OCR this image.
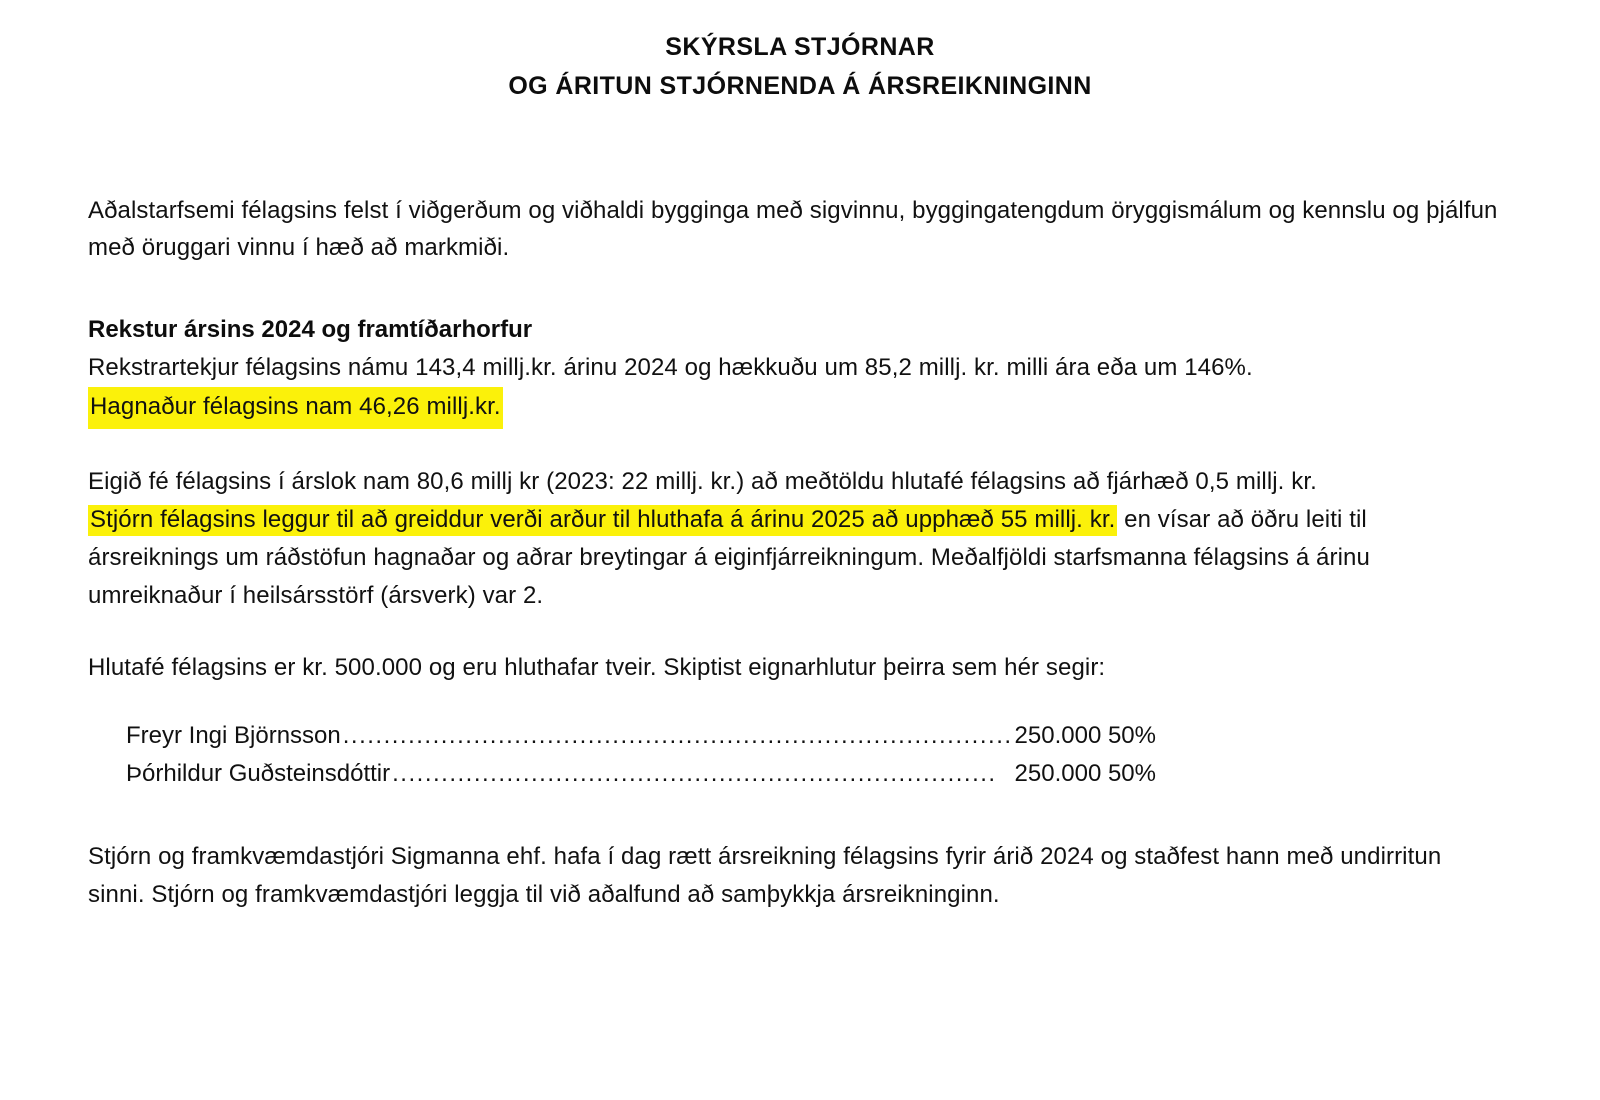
SKÝRSLA STJÓRNAR
OG ÁRITUN STJÓRNENDA Á ÁRSREIKNINGINN

Aðalstarfsemi félagsins felst í viðgerðum og viðhaldi bygginga með sigvinnu, byggingatengdum öryggismálum og kennslu og þjálfun með öruggari vinnu í hæð að markmiði.

Rekstur ársins 2024 og framtíðarhorfur

Rekstrartekjur félagsins námu 143,4 millj.kr. árinu 2024 og hækkuðu um 85,2 millj. kr. milli ára eða um 146%.

Hagnaður félagsins nam 46,26 millj.kr.

Eigið fé félagsins í árslok nam 80,6 millj kr (2023: 22 millj. kr.) að meðtöldu hlutafé félagsins að fjárhæð 0,5 millj. kr.

Stjórn félagsins leggur til að greiddur verði arður til hluthafa á árinu 2025 að upphæð 55 millj. kr. en vísar að öðru leiti til ársreiknings um ráðstöfun hagnaðar og aðrar breytingar á eiginfjárreikningum. Meðalfjöldi starfsmanna félagsins á árinu umreiknaður í heilsársstörf (ársverk) var 2.

Hlutafé félagsins er kr. 500.000 og eru hluthafar tveir. Skiptist eignarhlutur þeirra sem hér segir:

Freyr Ingi Björnsson .................................................................................. 250.000 50%
Þórhildur Guðsteinsdóttir .......................................................................... 250.000 50%

Stjórn og framkvæmdastjóri Sigmanna ehf. hafa í dag rætt ársreikning félagsins fyrir árið 2024 og staðfest hann með undirritun sinni. Stjórn og framkvæmdastjóri leggja til við aðalfund að samþykkja ársreikninginn.
